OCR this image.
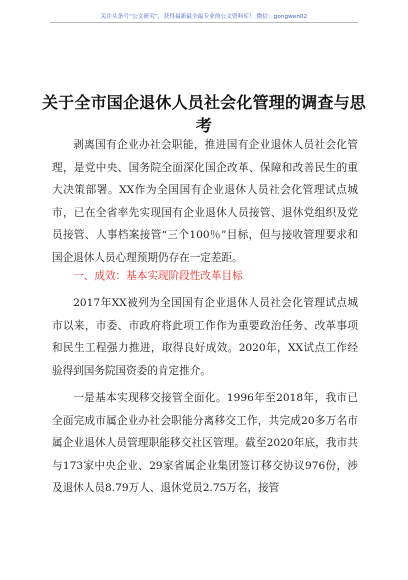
关注头条号“公文研究”，获得最新最全最专业的公文资料库！ 微信：gongwen02
关于全市国企退休人员社会化管理的调查与思考
剥离国有企业办社会职能，推进国有企业退休人员社会化管理，是党中央、国务院全面深化国企改革、保障和改善民生的重大决策部署。XX作为全国国有企业退休人员社会化管理试点城市，已在全省率先实现国有企业退休人员接管、退休党组织及党员接管、人事档案接管“三个100％”目标，但与接收管理要求和国企退休人员心理预期仍存在一定差距。
一、成效：基本实现阶段性改革目标
2017年XX被列为全国国有企业退休人员社会化管理试点城市以来，市委、市政府将此项工作作为重要政治任务、改革事项和民生工程强力推进，取得良好成效。2020年，XX试点工作经验得到国务院国资委的肯定推介。
一是基本实现移交接管全面化。1996年至2018年，我市已全面完成市属企业办社会职能分离移交工作，共完成20多万名市属企业退休人员管理职能移交社区管理。截至2020年底，我市共与173家中央企业、29家省属企业集团签订移交协议976份，涉及退休人员8.79万人、退休党员2.75万名，接管
